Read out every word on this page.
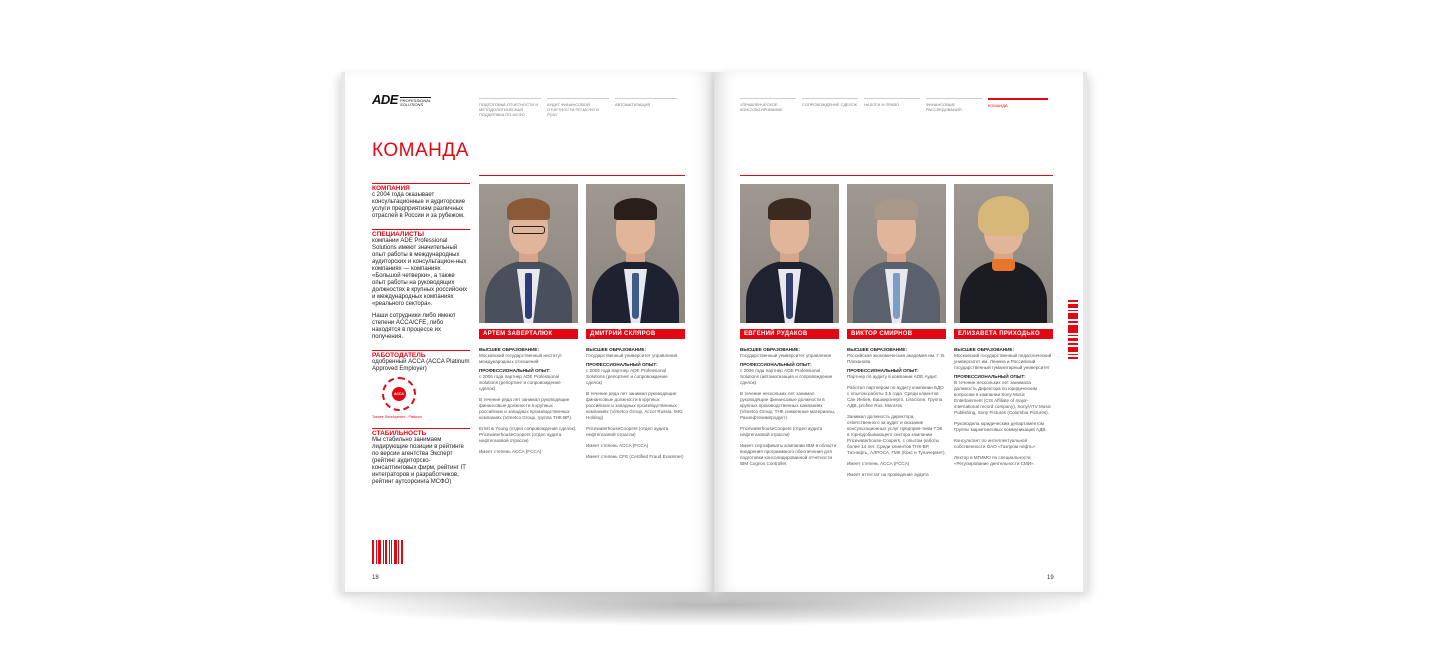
ADE PROFESSIONAL
SOLUTIONS	ПОДГОТОВКА ОТЧЕТНОСТИ И МЕТОДОЛОГИЧЕСКАЯ ПОДДЕРЖКА ПО МСФО
АУДИТ ФИНАНСОВОЙ ОТЧЕТНОСТИ ПО МСФО И РСБУ
АВТОМАТИЗАЦИЯ
КОМАНДА
КОМПАНИЯ
с 2004 года оказывает консультационные и аудиторские услуги предприятиям различных отраслей в России и за рубежом.
СПЕЦИАЛИСТЫ

компании ADE Professional Solutions имеют значительный опыт работы в международных аудиторских и консультацион-ных компаниях — компаниях «Большой четверки», а также опыт работы на руководящих должностях в крупных российских и международных компаниях «реального сектора».

Наши сотрудники либо имеют степени ACCA/CFE, либо находятся в процессе их получения.

РАБОТОДАТЕЛЬ
одобренный ACCA (ACCA Platinum Approved Employer)
ACCA
Trainee Development - Platinum
СТАБИЛЬНОСТЬ
Мы стабильно занимаем лидирующие позиции в рейтинге по версии агентства Эксперт (рейтинг аудиторско-консалтинговых фирм, рейтинг IT интеграторов и разработчиков, рейтинг аутсорсинга МСФО)
АРТЕМ ЗАВЕРТАЛЮК
ВЫСШЕЕ ОБРАЗОВАНИЕ:
Московский государственный институт международных отношений
ПРОФЕССИОНАЛЬНЫЙ ОПЫТ:
с 2006 года партнер ADE Professional Solutions (репортинг и сопровождение сделок)
В течение ряда лет занимал руководящие финансовые должности в крупных российских и западных производственных компаниях (Vimetco Group, группа ТНК-ВР).
Ernst & Young (отдел сопровождения сделок), PricewaterhouseCoopers (отдел аудита нефтегазовой отрасли)
Имеет степень ACCA (FCCA)
ДМИТРИЙ СКЛЯРОВ
ВЫСШЕЕ ОБРАЗОВАНИЕ:
Государственный университет управления
ПРОФЕССИОНАЛЬНЫЙ ОПЫТ:
с 2006 года партнер ADE Professional Solutions (репортинг и сопровождение сделок)
В течение ряда лет занимал руководящие финансовые должности в крупных российских и западных производственных компаниях (Vimetco Group, Accor Russia, IMG Holding)
PricewaterhouseCoopers (отдел аудита нефтегазовой отрасли)
Имеет степень ACCA (FCCA)
Имеет степень CFE (Certified Fraud Examiner)
18
УПРАВЛЕНЧЕСКОЕ КОНСУЛЬТИРОВАНИЕ
СОПРОВОЖДЕНИЕ СДЕЛОК НАЛОГИ И ПРАВО	ФИНАНСОВЫЕ РАССЛЕДОВАНИЯ
КОМАНДА
ЕВГЕНИЙ РУДАКОВ
ВЫСШЕЕ ОБРАЗОВАНИЕ:
Государственный университет управления
ПРОФЕССИОНАЛЬНЫЙ ОПЫТ:
с 2006 года партнер ADE Professional Solutions (автоматизация и сопровождение сделок)
В течение нескольких лет занимал руководящие финансовые должности в крупных производственных компаниях (Vimetco Group, ТНК сниженные материалы, Разнефтехимпродукт)
PricewaterhouseCoopers (отдел аудита нефтегазовой отрасли)
Имеет сертификаты компании IBM в области внедрения программного обеспечения для подготовки консолидированной отчетности IBM Cognos Controller.
ВИКТОР СМИРНОВ
ВЫСШЕЕ ОБРАЗОВАНИЕ:
Российская экономическая академия им. Г. В. Плеханова
ПРОФЕССИОНАЛЬНЫЙ ОПЫТ:
Партнер по аудиту в компании ADE Аудит.
Работал партнером по аудиту компании БДО с опытом работы 3,5 года. Среди клиентов Сан Инбев, Башкирэнерго, Lisoclone, Группа АДВ, profine Rus, Мегатек
Занимал должность директора, ответственного за аудит и оказание консультационных услуг предприя-тиям ТЭК в горнодобывающего сектора компании Pricewaterhouse-Coopers, с опытом работы более 14 лет. Среди клиентов ТНК-ВР, Татнефть, АЛРОСА, ГМК (Кокс и Тулачермет).
Имеет степень ACCA (FCCA)
Имеет аттестат на проведение аудита
ЕЛИЗАВЕТА ПРИХОДЬКО
ВЫСШЕЕ ОБРАЗОВАНИЕ:
Московский государственный педагогический университет им. Ленина и Российский государственный гуманитарный университет
ПРОФЕССИОНАЛЬНЫЙ ОПЫТ:
В течение нескольких лет занимала должность Директора по юридическим вопросам в компании Sony Music Entertainment (CIS Affiliate of major-international record company), Sony/ATV Music Publishing, Sony Pictures (Columbia Pictures).
Руководила юридическим департаментом Группы маркетинговых коммуникаций АДВ.
Консультант по интеллектуальной собственности ОАО «Газпром нефть»
Лектор в МГИМО по специальности «Регулирование деятельности СМИ».
19
